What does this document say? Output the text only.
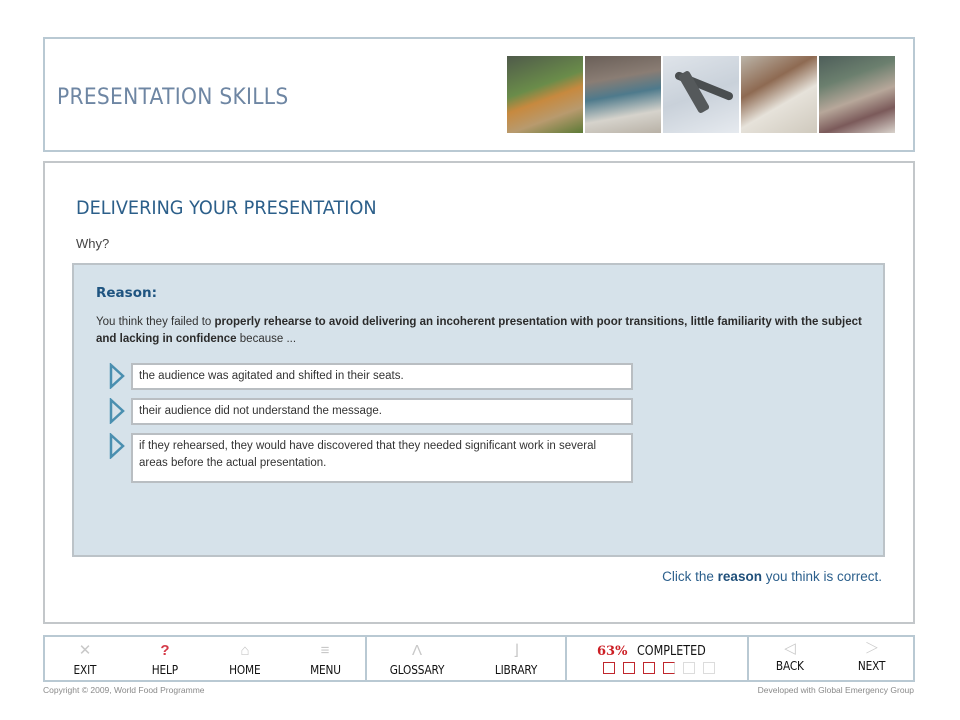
PRESENTATION SKILLS
DELIVERING YOUR PRESENTATION
Why?
Reason:
You think they failed to properly rehearse to avoid delivering an incoherent presentation with poor transitions, little familiarity with the subject and lacking in confidence because ...
the audience was agitated and shifted in their seats.
their audience did not understand the message.
if they rehearsed, they would have discovered that they needed significant work in several areas before the actual presentation.
Click the reason you think is correct.
✕
EXIT
?
HELP
⌂
HOME
≡
MENU
Λ
GLOSSARY
⌋
LIBRARY
63% COMPLETED	◁
BACK
＞
NEXT
Copyright © 2009, World Food Programme	Developed with Global Emergency Group
